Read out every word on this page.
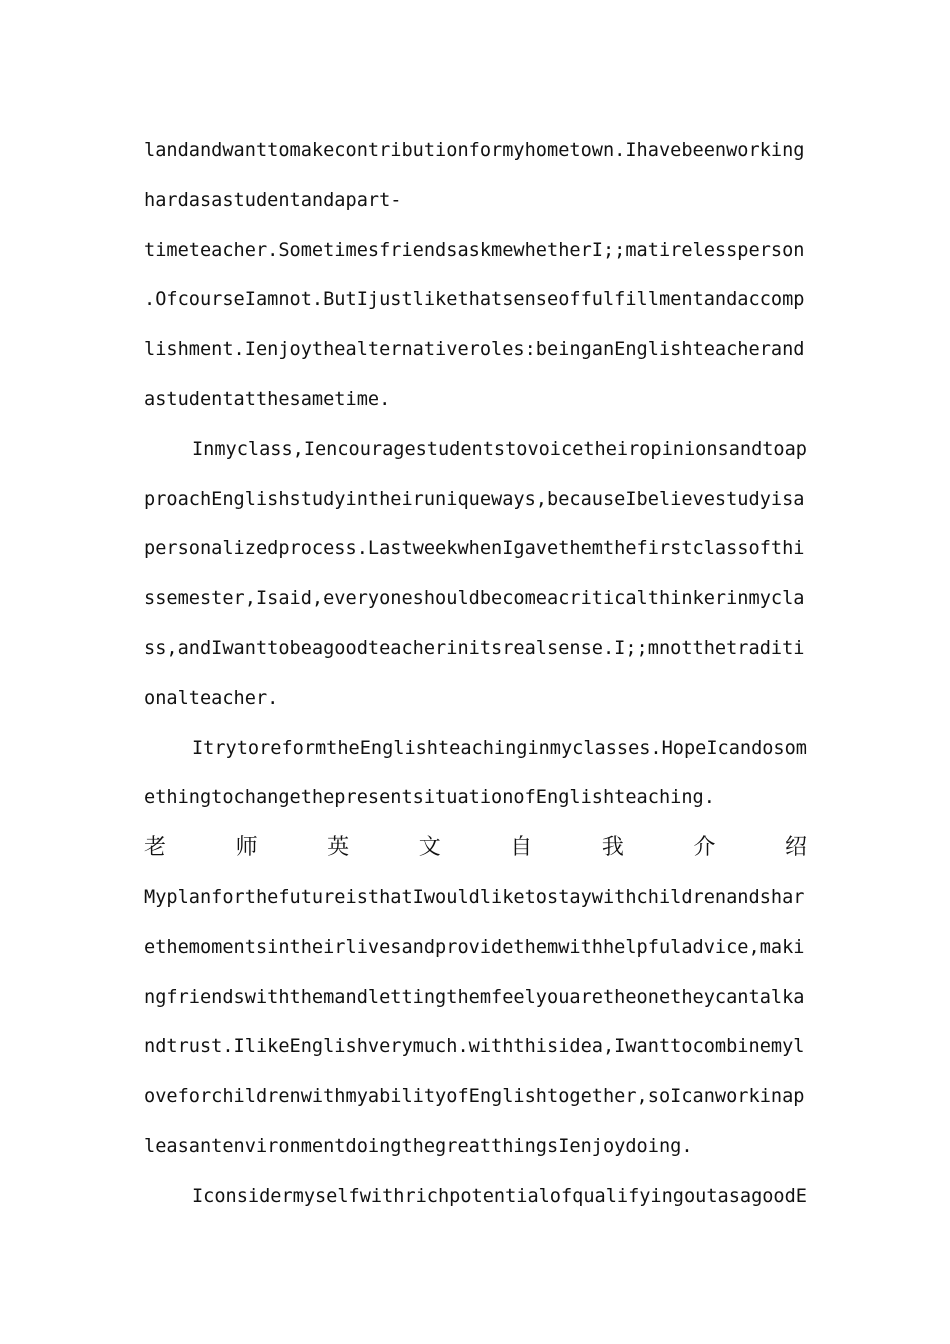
landandwanttomakecontributionformyhometown.Ihavebeenworking
hardasastudentandapart-
timeteacher.SometimesfriendsaskmewhetherI;;matirelessperson
.OfcourseIamnot.ButIjustlikethatsenseoffulfillmentandaccomp
lishment.Ienjoythealternativeroles:beinganEnglishteacherand
astudentatthesametime.
Inmyclass,Iencouragestudentstovoicetheiropinionsandtoap
proachEnglishstudyintheiruniqueways,becauseIbelievestudyisa
personalizedprocess.LastweekwhenIgavethemthefirstclassofthi
ssemester,Isaid,everyoneshouldbecomeacriticalthinkerinmycla
ss,andIwanttobeagoodteacherinitsrealsense.I;;mnotthetraditi
onalteacher.
ItrytoreformtheEnglishteachinginmyclasses.HopeIcandosom
ethingtochangethepresentsituationofEnglishteaching.
老	师	英	文	自	我	介	绍
MyplanforthefutureisthatIwouldliketostaywithchildrenandshar
ethemomentsintheirlivesandprovidethemwithhelpfuladvice,maki
ngfriendswiththemandlettingthemfeelyouaretheonetheycantalka
ndtrust.IlikeEnglishverymuch.withthisidea,Iwanttocombinemyl
oveforchildrenwithmyabilityofEnglishtogether,soIcanworkinap
leasantenvironmentdoingthegreatthingsIenjoydoing.
IconsidermyselfwithrichpotentialofqualifyingoutasagoodE
